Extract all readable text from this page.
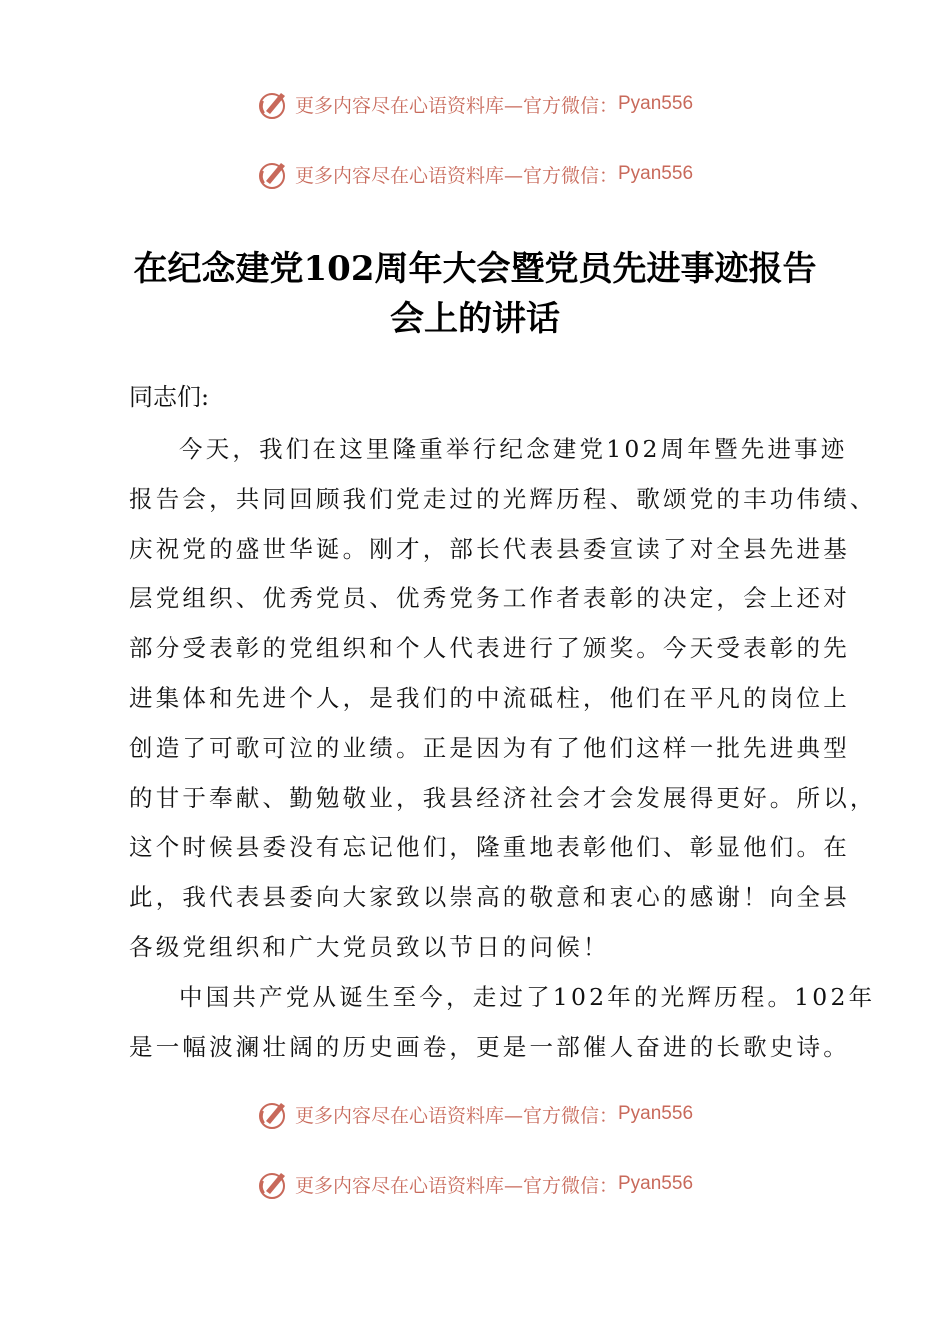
更多内容尽在心语资料库—官方微信： Pyan556
更多内容尽在心语资料库—官方微信： Pyan556
在纪念建党102周年大会暨党员先进事迹报告
会上的讲话
同志们:
今天，我们在这里隆重举行纪念建党102周年暨先进事迹
报告会，共同回顾我们党走过的光辉历程、歌颂党的丰功伟绩、
庆祝党的盛世华诞。刚才，部长代表县委宣读了对全县先进基
层党组织、优秀党员、优秀党务工作者表彰的决定，会上还对
部分受表彰的党组织和个人代表进行了颁奖。今天受表彰的先
进集体和先进个人，是我们的中流砥柱，他们在平凡的岗位上
创造了可歌可泣的业绩。正是因为有了他们这样一批先进典型
的甘于奉献、勤勉敬业，我县经济社会才会发展得更好。所以，
这个时候县委没有忘记他们，隆重地表彰他们、彰显他们。在
此，我代表县委向大家致以崇高的敬意和衷心的感谢！向全县
各级党组织和广大党员致以节日的问候！
中国共产党从诞生至今，走过了102年的光辉历程。102年
是一幅波澜壮阔的历史画卷，更是一部催人奋进的长歌史诗。
更多内容尽在心语资料库—官方微信： Pyan556
更多内容尽在心语资料库—官方微信： Pyan556
